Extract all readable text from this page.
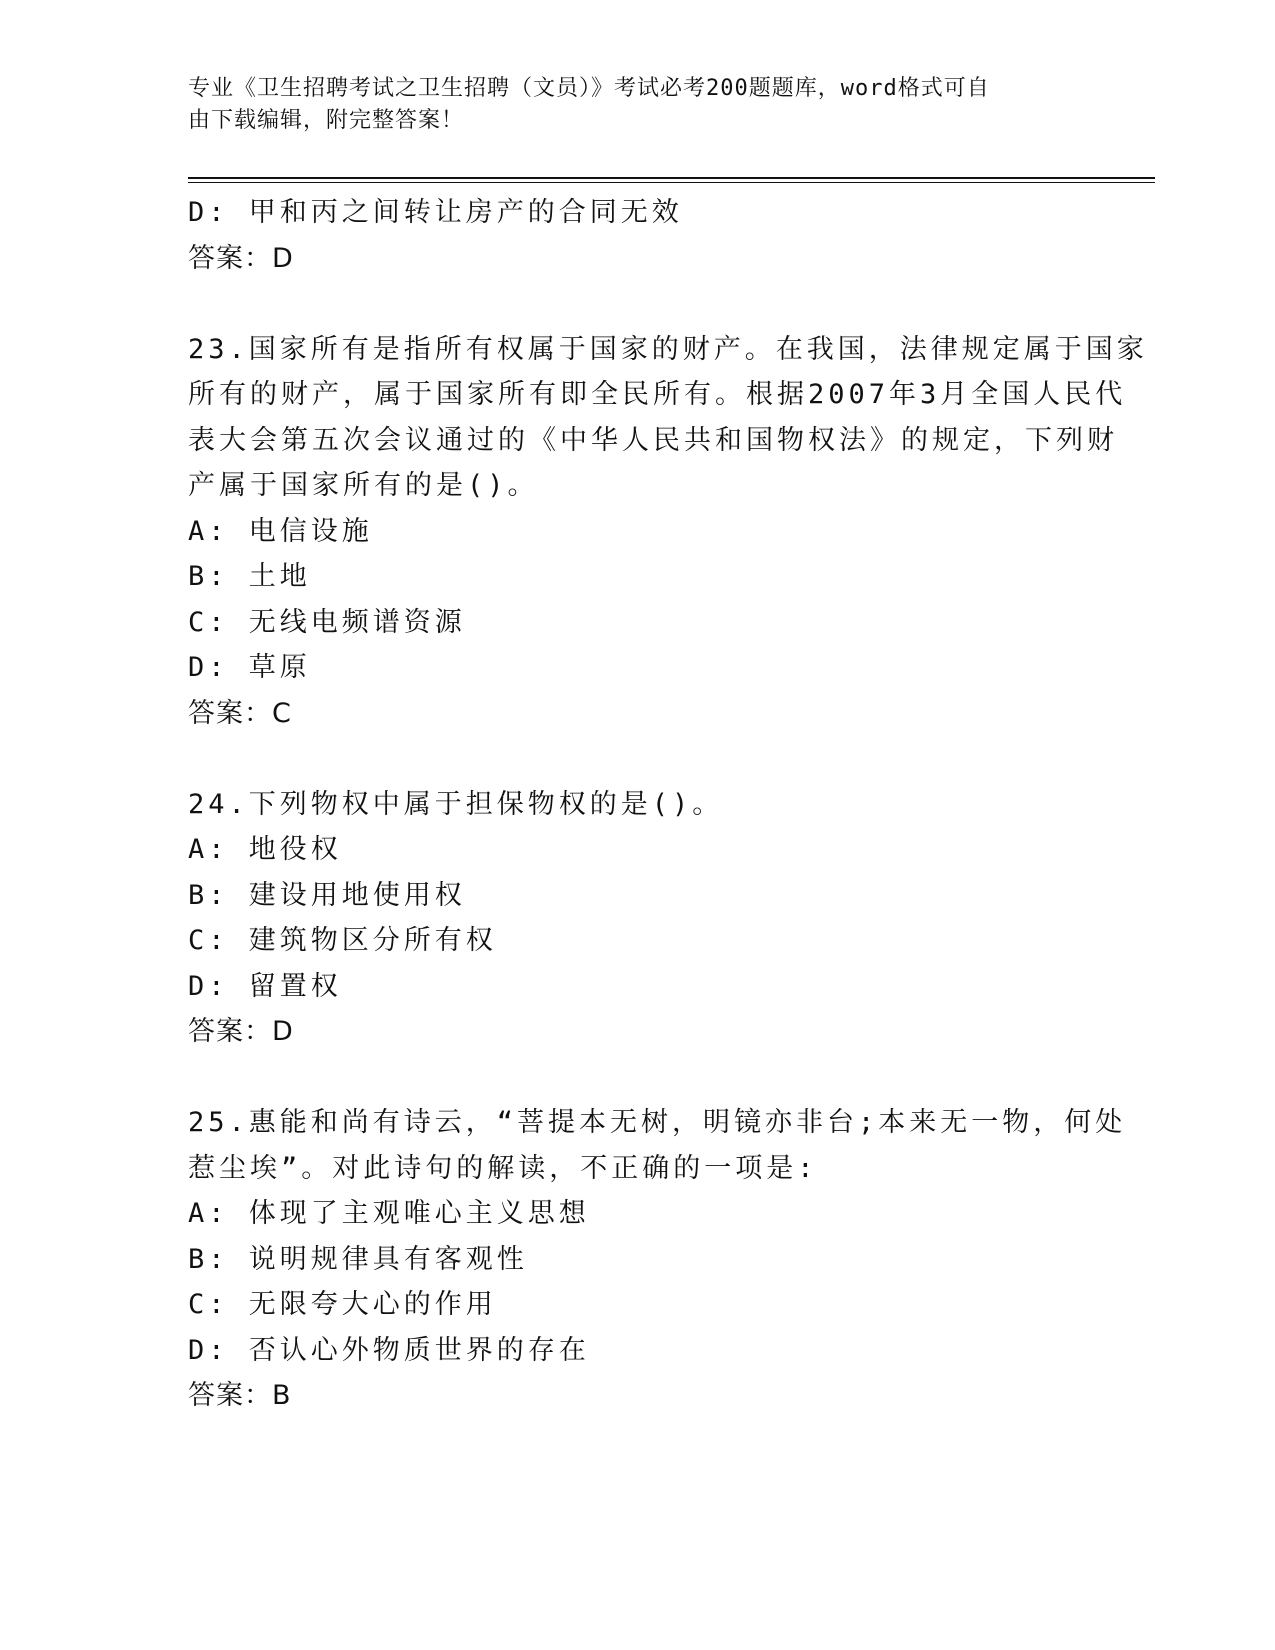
专业《卫生招聘考试之卫生招聘（文员）》考试必考200题题库，word格式可自
由下载编辑，附完整答案！
D: 甲和丙之间转让房产的合同无效
答案：D
23.国家所有是指所有权属于国家的财产。在我国，法律规定属于国家
所有的财产，属于国家所有即全民所有。根据2007年3月全国人民代
表大会第五次会议通过的《中华人民共和国物权法》的规定，下列财
产属于国家所有的是()。
A: 电信设施
B: 土地
C: 无线电频谱资源
D: 草原
答案：C
24.下列物权中属于担保物权的是()。
A: 地役权
B: 建设用地使用权
C: 建筑物区分所有权
D: 留置权
答案：D
25.惠能和尚有诗云，“菩提本无树，明镜亦非台;本来无一物，何处
惹尘埃”。对此诗句的解读，不正确的一项是:
A: 体现了主观唯心主义思想
B: 说明规律具有客观性
C: 无限夸大心的作用
D: 否认心外物质世界的存在
答案：B
